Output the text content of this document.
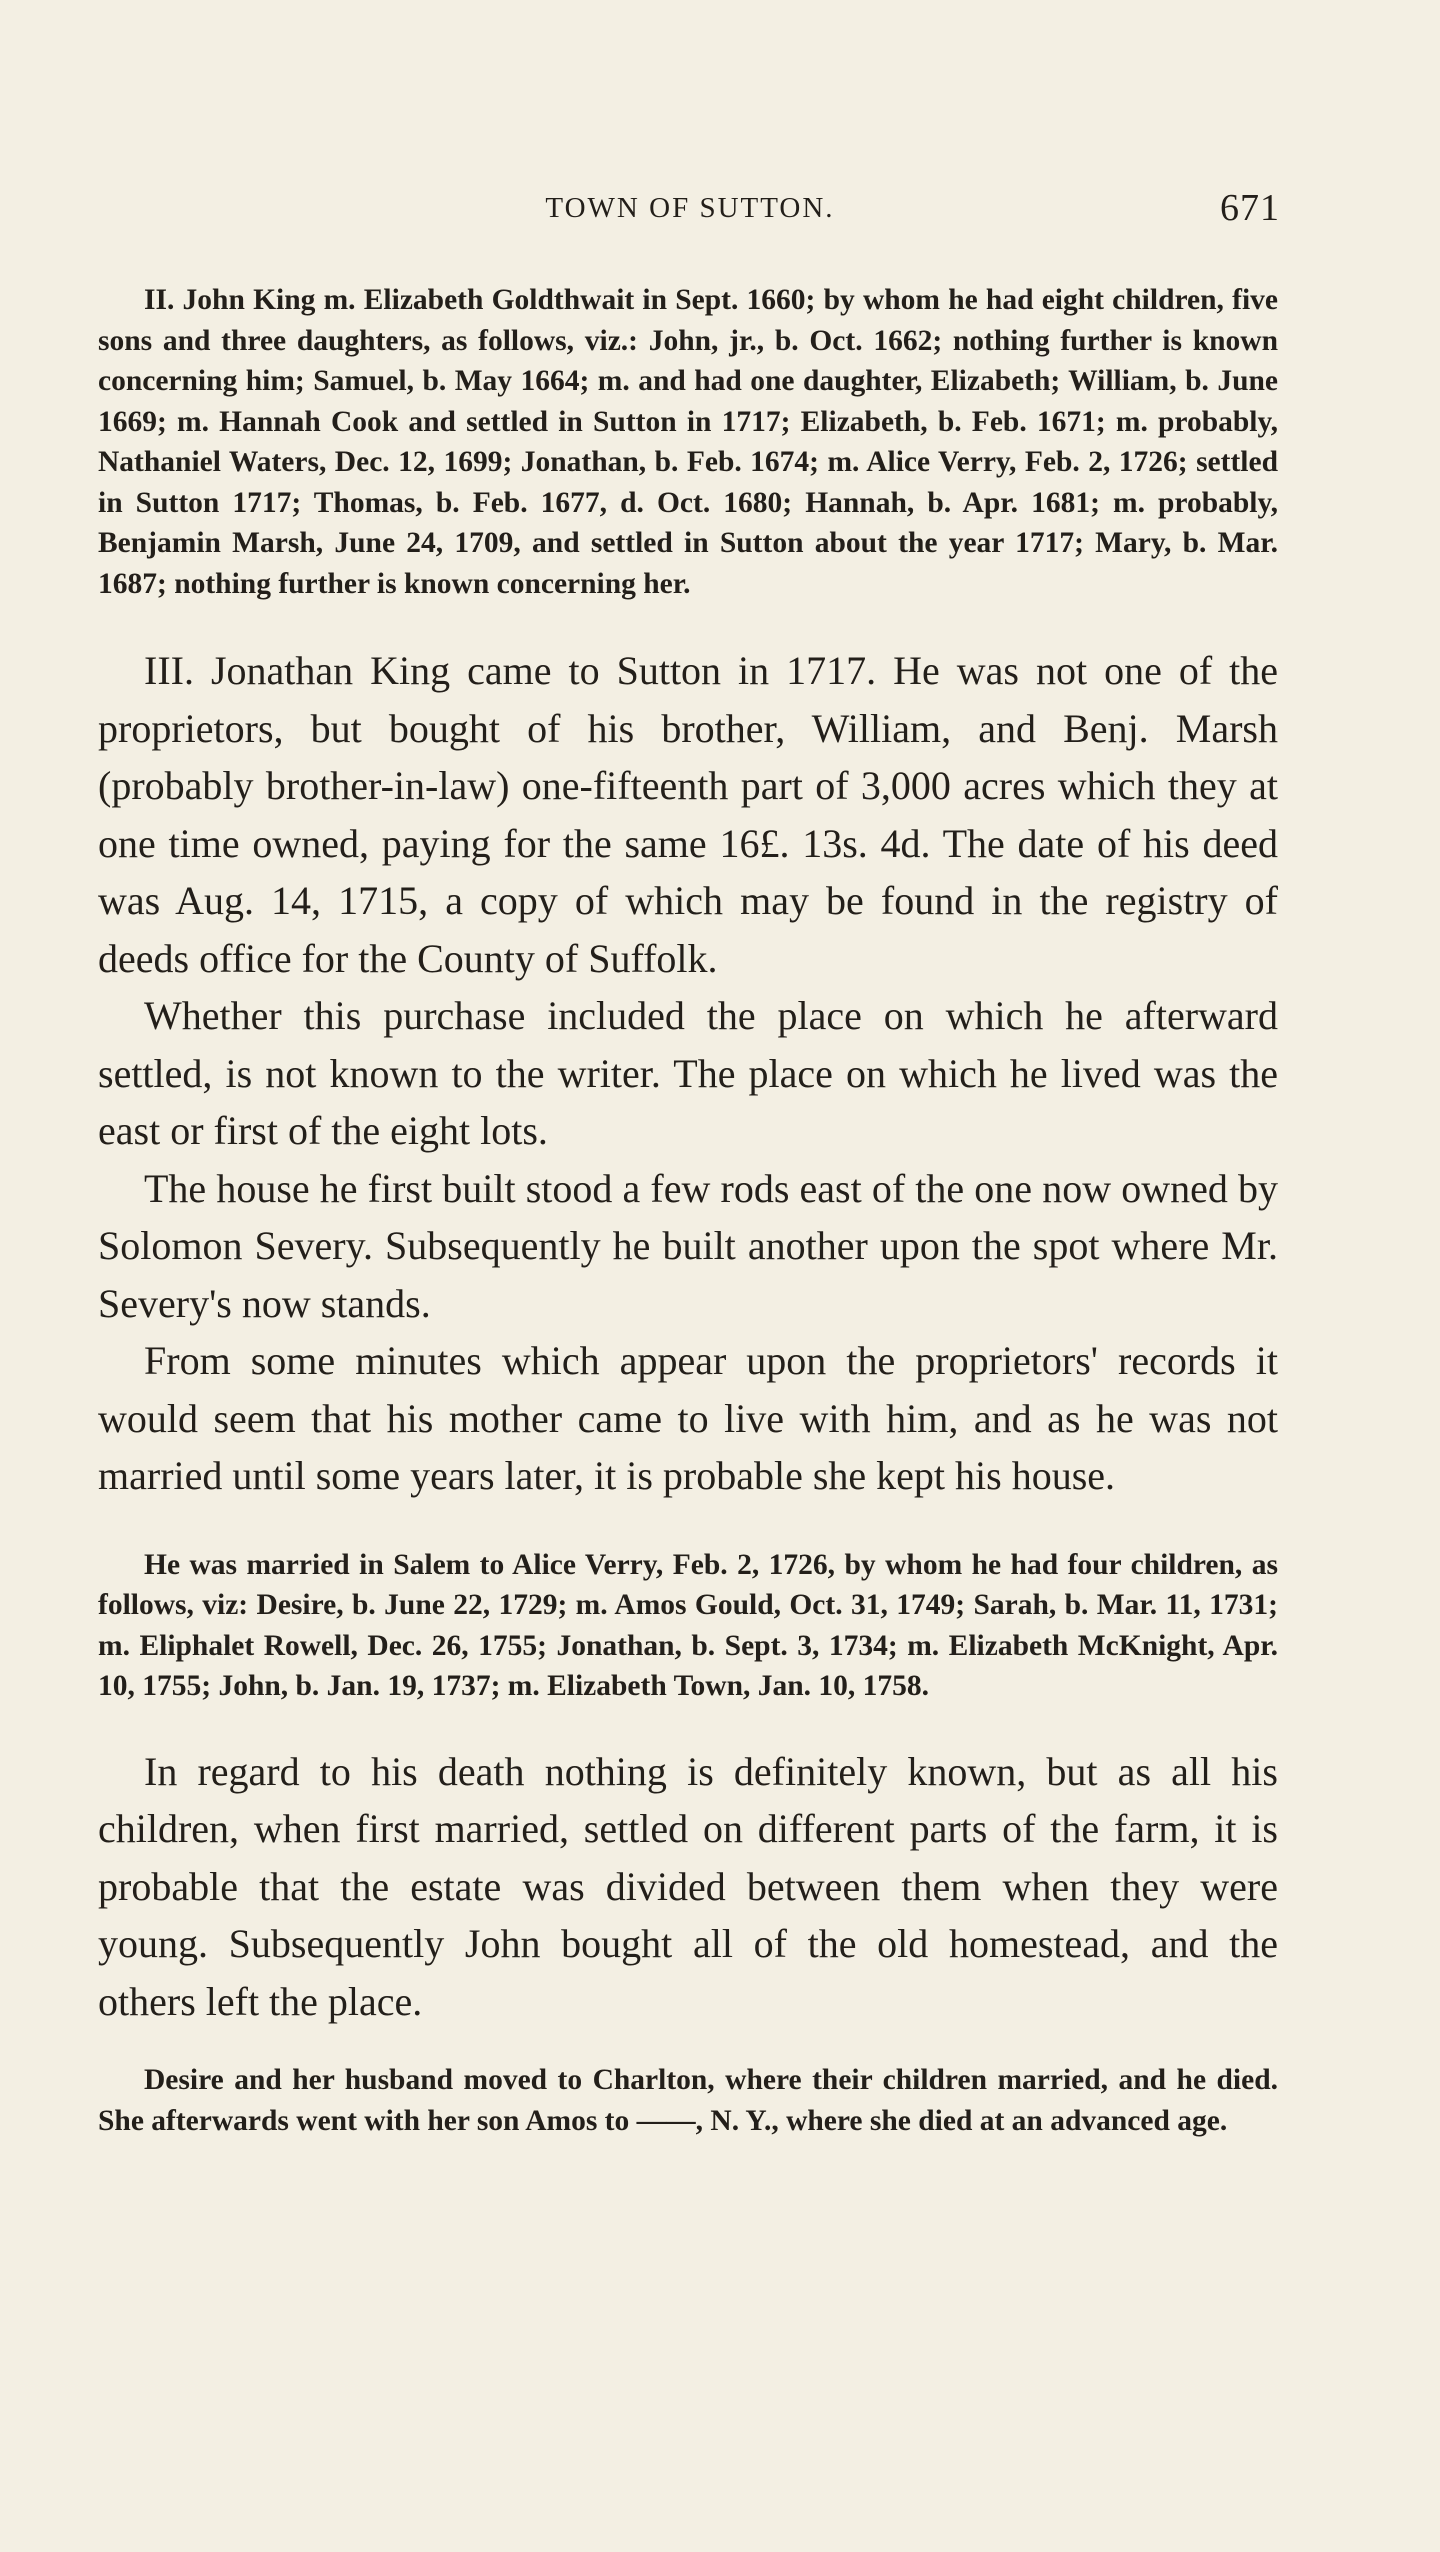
TOWN OF SUTTON.	671

II. John King m. Elizabeth Goldthwait in Sept. 1660; by whom he had eight children, five sons and three daughters, as follows, viz.: John, jr., b. Oct. 1662; nothing further is known concerning him; Samuel, b. May 1664; m. and had one daughter, Elizabeth; William, b. June 1669; m. Hannah Cook and settled in Sutton in 1717; Elizabeth, b. Feb. 1671; m. probably, Nathaniel Waters, Dec. 12, 1699; Jonathan, b. Feb. 1674; m. Alice Verry, Feb. 2, 1726; settled in Sutton 1717; Thomas, b. Feb. 1677, d. Oct. 1680; Hannah, b. Apr. 1681; m. probably, Benjamin Marsh, June 24, 1709, and settled in Sutton about the year 1717; Mary, b. Mar. 1687; nothing further is known concerning her.

III. Jonathan King came to Sutton in 1717. He was not one of the proprietors, but bought of his brother, William, and Benj. Marsh (probably brother-in-law) one-fifteenth part of 3,000 acres which they at one time owned, paying for the same 16£. 13s. 4d. The date of his deed was Aug. 14, 1715, a copy of which may be found in the registry of deeds office for the County of Suffolk.

Whether this purchase included the place on which he afterward settled, is not known to the writer. The place on which he lived was the east or first of the eight lots.

The house he first built stood a few rods east of the one now owned by Solomon Severy. Subsequently he built another upon the spot where Mr. Severy's now stands.

From some minutes which appear upon the proprietors' records it would seem that his mother came to live with him, and as he was not married until some years later, it is probable she kept his house.

He was married in Salem to Alice Verry, Feb. 2, 1726, by whom he had four children, as follows, viz: Desire, b. June 22, 1729; m. Amos Gould, Oct. 31, 1749; Sarah, b. Mar. 11, 1731; m. Eliphalet Rowell, Dec. 26, 1755; Jonathan, b. Sept. 3, 1734; m. Elizabeth McKnight, Apr. 10, 1755; John, b. Jan. 19, 1737; m. Elizabeth Town, Jan. 10, 1758.

In regard to his death nothing is definitely known, but as all his children, when first married, settled on different parts of the farm, it is probable that the estate was divided between them when they were young. Subsequently John bought all of the old homestead, and the others left the place.

Desire and her husband moved to Charlton, where their children married, and he died. She afterwards went with her son Amos to ——, N. Y., where she died at an advanced age.
